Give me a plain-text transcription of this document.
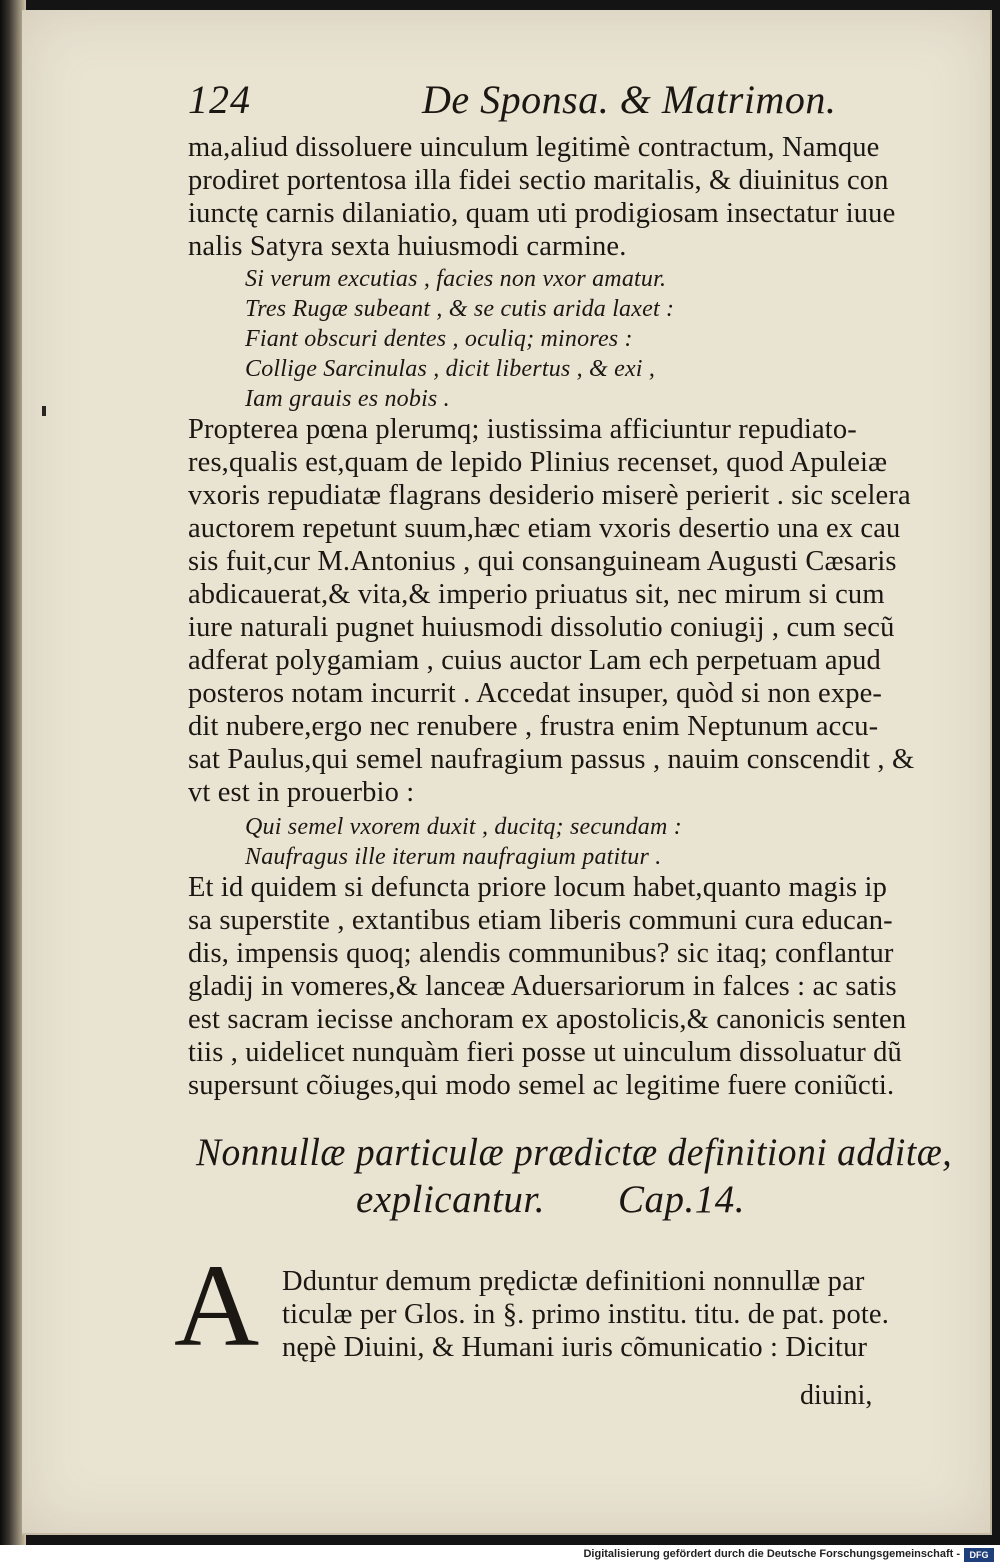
124	De Sponsa. & Matrimon.
ma,aliud dissoluere uinculum legitimè contractum, Namque
prodiret portentosa illa fidei sectio maritalis, & diuinitus con
iunctę carnis dilaniatio, quam uti prodigiosam insectatur iuue
nalis Satyra sexta huiusmodi carmine.
Si verum excutias , facies non vxor amatur.
Tres Rugæ subeant , & se cutis arida laxet :
Fiant obscuri dentes , oculiq; minores :
Collige Sarcinulas , dicit libertus , & exi ,
Iam grauis es nobis .
Propterea pœna plerumq; iustissima afficiuntur repudiato-
res,qualis est,quam de lepido Plinius recenset, quod Apuleiæ
vxoris repudiatæ flagrans desiderio miserè perierit . sic scelera
auctorem repetunt suum,hæc etiam vxoris desertio una ex cau
sis fuit,cur M.Antonius , qui consanguineam Augusti Cæsaris
abdicauerat,& vita,& imperio priuatus sit, nec mirum si cum
iure naturali pugnet huiusmodi dissolutio coniugij , cum secũ
adferat polygamiam , cuius auctor Lam ech perpetuam apud
posteros notam incurrit . Accedat insuper, quòd si non expe-
dit nubere,ergo nec renubere , frustra enim Neptunum accu-
sat Paulus,qui semel naufragium passus , nauim conscendit , &
vt est in prouerbio :
Qui semel vxorem duxit , ducitq; secundam :
Naufragus ille iterum naufragium patitur .
Et id quidem si defuncta priore locum habet,quanto magis ip
sa superstite , extantibus etiam liberis communi cura educan-
dis, impensis quoq; alendis communibus? sic itaq; conflantur
gladij in vomeres,& lanceæ Aduersariorum in falces : ac satis
est sacram iecisse anchoram ex apostolicis,& canonicis senten
tiis , uidelicet nunquàm fieri posse ut uinculum dissoluatur dũ
supersunt cõiuges,qui modo semel ac legitime fuere coniũcti.
Nonnullæ particulæ prædictæ definitioni additæ,
explicantur. Cap.14.
A Dduntur demum prędictæ definitioni nonnullæ par
ticulæ per Glos. in §. primo institu. titu. de pat. pote.
nępè Diuini, & Humani iuris cõmunicatio : Dicitur
diuini,
Digitalisierung gefördert durch die Deutsche Forschungsgemeinschaft -	DFG
